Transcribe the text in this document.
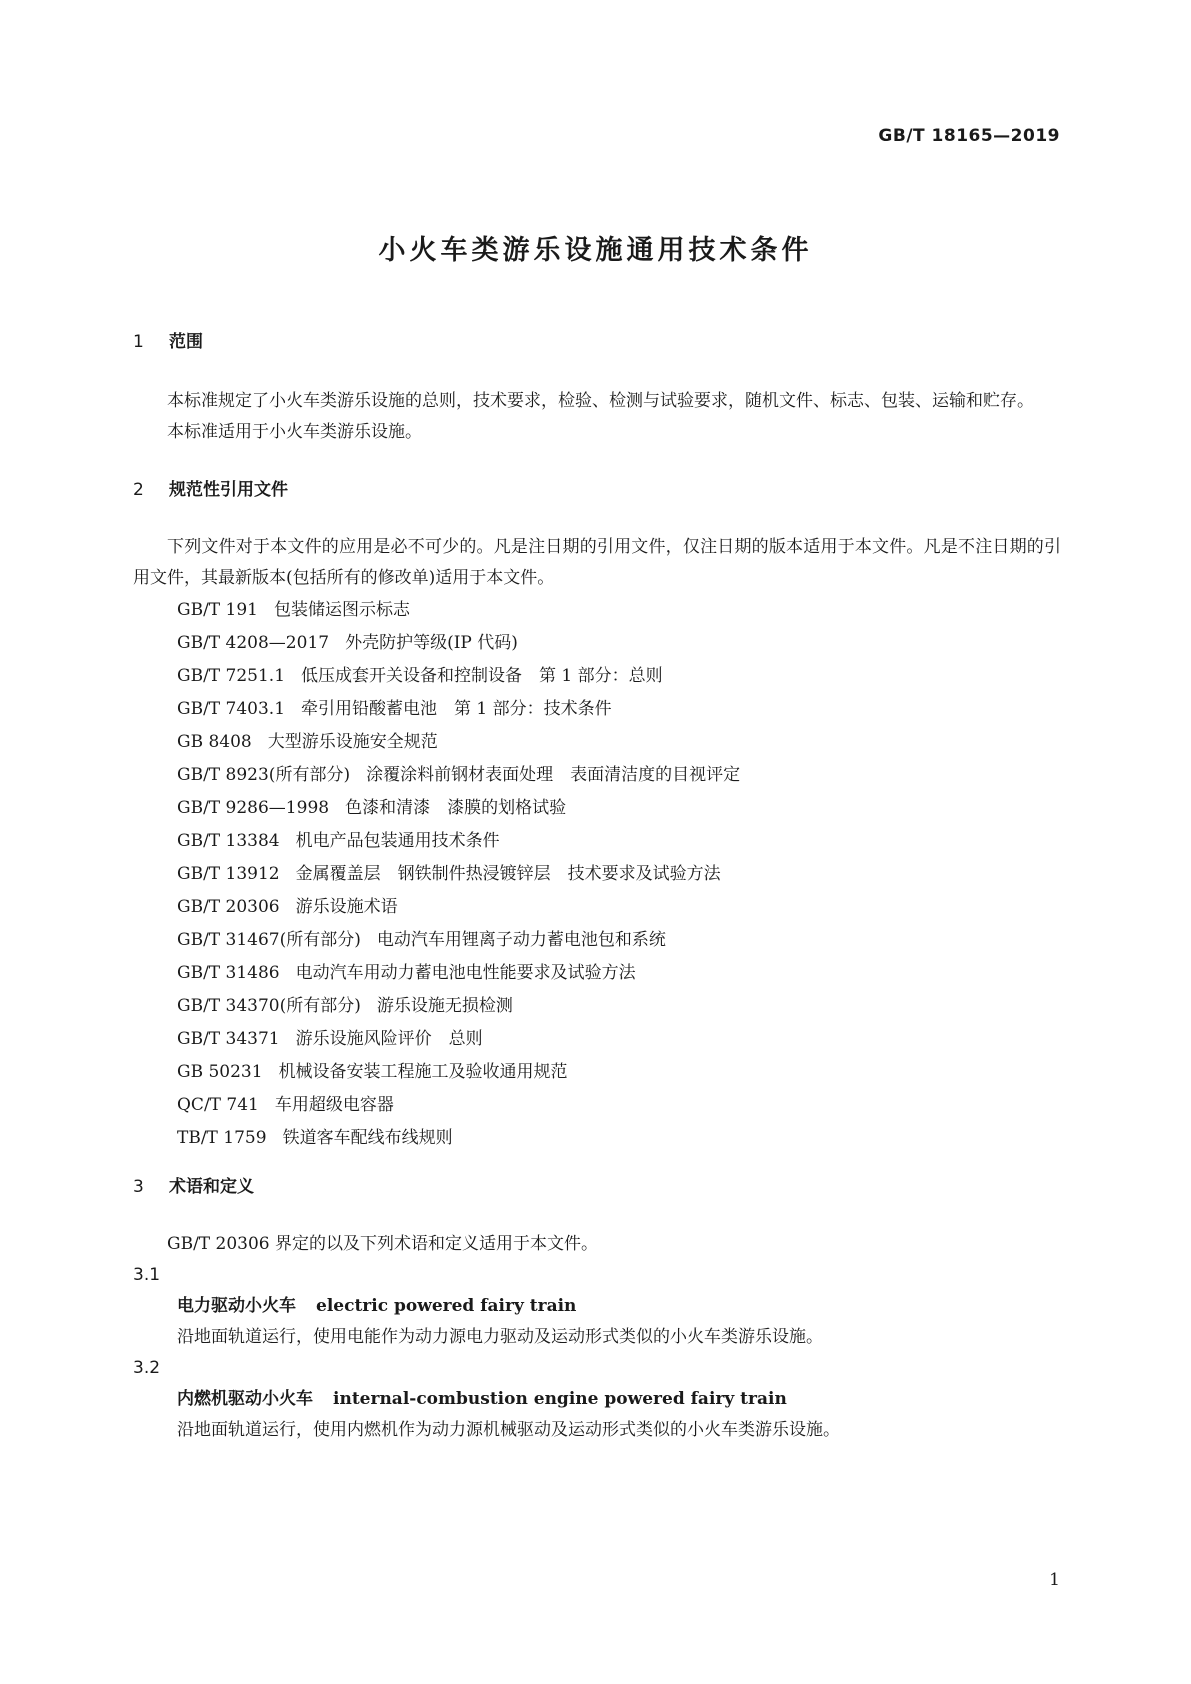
GB/T 18165—2019
小火车类游乐设施通用技术条件
1 范围
本标准规定了小火车类游乐设施的总则，技术要求，检验、检测与试验要求，随机文件、标志、包装、运输和贮存。
本标准适用于小火车类游乐设施。
2 规范性引用文件
下列文件对于本文件的应用是必不可少的。凡是注日期的引用文件，仅注日期的版本适用于本文件。凡是不注日期的引用文件，其最新版本(包括所有的修改单)适用于本文件。
GB/T 191 包装储运图示标志
GB/T 4208—2017 外壳防护等级(IP 代码)
GB/T 7251.1 低压成套开关设备和控制设备　第 1 部分：总则
GB/T 7403.1 牵引用铅酸蓄电池　第 1 部分：技术条件
GB 8408 大型游乐设施安全规范
GB/T 8923(所有部分) 涂覆涂料前钢材表面处理　表面清洁度的目视评定
GB/T 9286—1998 色漆和清漆　漆膜的划格试验
GB/T 13384 机电产品包装通用技术条件
GB/T 13912 金属覆盖层　钢铁制件热浸镀锌层　技术要求及试验方法
GB/T 20306 游乐设施术语
GB/T 31467(所有部分) 电动汽车用锂离子动力蓄电池包和系统
GB/T 31486 电动汽车用动力蓄电池电性能要求及试验方法
GB/T 34370(所有部分) 游乐设施无损检测
GB/T 34371 游乐设施风险评价　总则
GB 50231 机械设备安装工程施工及验收通用规范
QC/T 741 车用超级电容器
TB/T 1759 铁道客车配线布线规则
3 术语和定义
GB/T 20306 界定的以及下列术语和定义适用于本文件。
3.1
电力驱动小火车 electric powered fairy train
沿地面轨道运行，使用电能作为动力源电力驱动及运动形式类似的小火车类游乐设施。
3.2
内燃机驱动小火车 internal-combustion engine powered fairy train
沿地面轨道运行，使用内燃机作为动力源机械驱动及运动形式类似的小火车类游乐设施。
1
